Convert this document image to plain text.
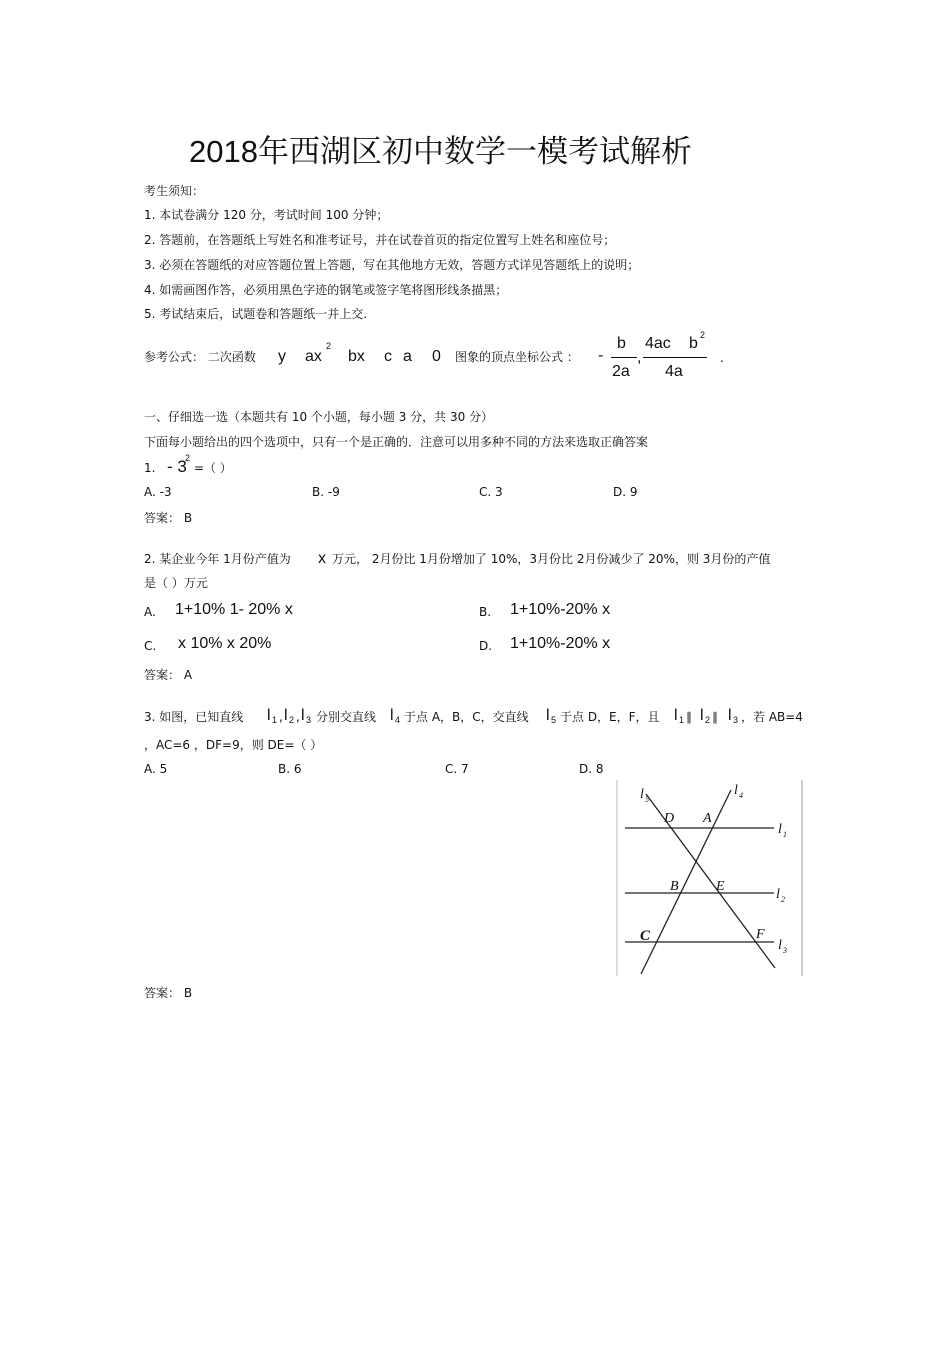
2018年西湖区初中数学一模考试解析
考生须知：
1. 本试卷满分 120 分，考试时间 100 分钟；
2. 答题前，在答题纸上写姓名和准考证号，并在试卷首页的指定位置写上姓名和座位号；
3. 必须在答题纸的对应答题位置上答题，写在其他地方无效，答题方式详见答题纸上的说明；
4. 如需画图作答，必须用黑色字迹的钢笔或签字笔将图形线条描黑；
5. 考试结束后，试题卷和答题纸一并上交.
参考公式： 二次函数 y ax
2
bx c a 0 图象的顶点坐标公式 ： -
b
2a
,
4ac b 2
4a
.
一、仔细选一选（本题共有 10 个小题，每小题 3 分，共 30 分）
下面每小题给出的四个选项中，只有一个是正确的．注意可以用多种不同的方法来选取正确答案
1. - 3
2
=（ ）
A. -3	B. -9	C. 3	D. 9
答案： B
2. 某企业今年 1月份产值为 x 万元， 2月份比 1月份增加了 10%，3月份比 2月份减少了 20%，则 3月份的产值
是（ ）万元
A. 1+10% 1- 20% x	B. 1+10%-20% x
C. x 10% x 20%	D. 1+10%-20% x
答案： A
3. 如图，已知直线 l 1 , l 2 , l 3 分别交直线 l 4 于点 A，B，C，交直线 l 5 于点 D，E，F，且 l 1 ∥ l 2 ∥ l 3 ，若 AB=4
，AC=6 ，DF=9，则 DE=（ ）
A. 5	B. 6	C. 7	D. 8
l 5
l 4
D A
l 1
B	E
l 2
C	F
l 3
答案： B
